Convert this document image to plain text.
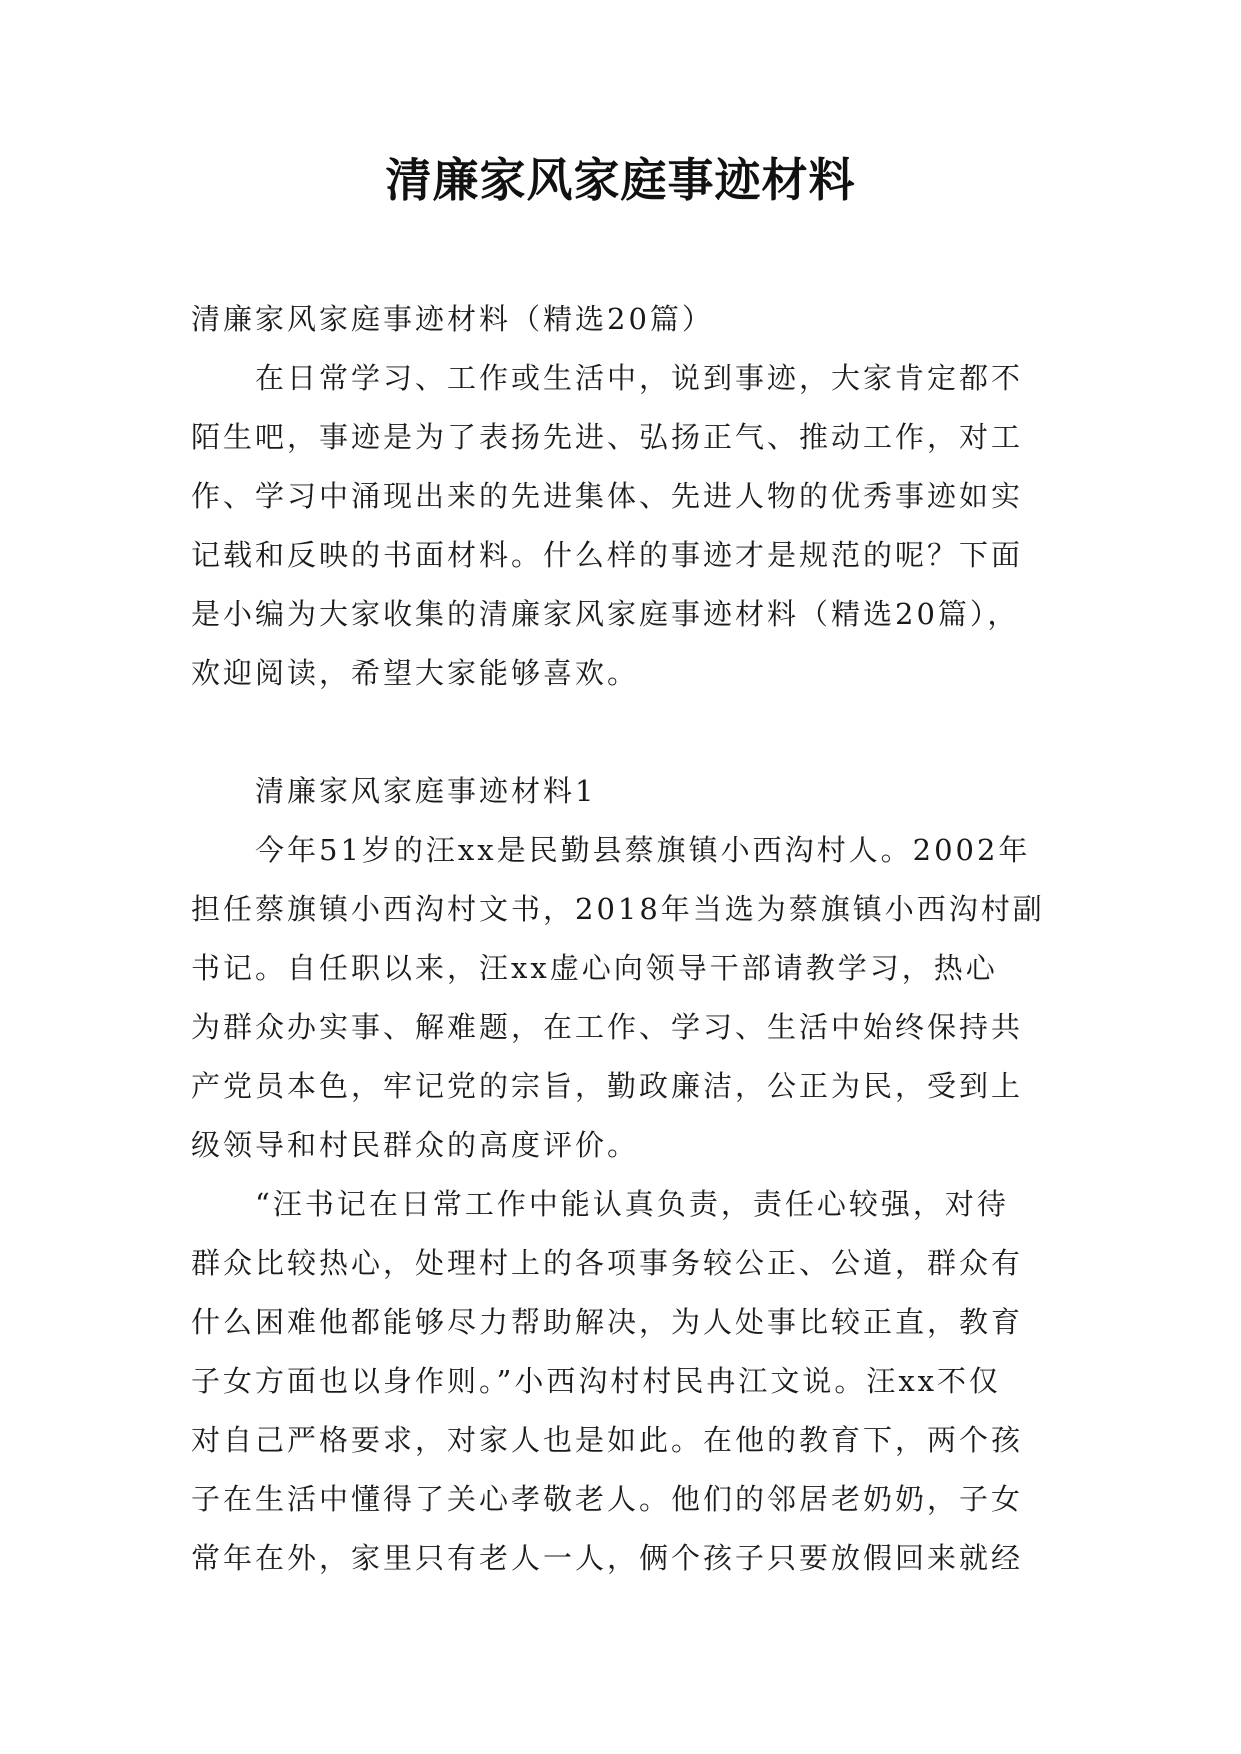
清廉家风家庭事迹材料
清廉家风家庭事迹材料（精选20篇）
在日常学习、工作或生活中，说到事迹，大家肯定都不
陌生吧，事迹是为了表扬先进、弘扬正气、推动工作，对工
作、学习中涌现出来的先进集体、先进人物的优秀事迹如实
记载和反映的书面材料。什么样的事迹才是规范的呢？下面
是小编为大家收集的清廉家风家庭事迹材料（精选20篇），
欢迎阅读，希望大家能够喜欢。
清廉家风家庭事迹材料1
今年51岁的汪xx是民勤县蔡旗镇小西沟村人。2002年
担任蔡旗镇小西沟村文书，2018年当选为蔡旗镇小西沟村副
书记。自任职以来，汪xx虚心向领导干部请教学习，热心
为群众办实事、解难题，在工作、学习、生活中始终保持共
产党员本色，牢记党的宗旨，勤政廉洁，公正为民，受到上
级领导和村民群众的高度评价。
“汪书记在日常工作中能认真负责，责任心较强，对待
群众比较热心，处理村上的各项事务较公正、公道，群众有
什么困难他都能够尽力帮助解决，为人处事比较正直，教育
子女方面也以身作则。”小西沟村村民冉江文说。汪xx不仅
对自己严格要求，对家人也是如此。在他的教育下，两个孩
子在生活中懂得了关心孝敬老人。他们的邻居老奶奶，子女
常年在外，家里只有老人一人，俩个孩子只要放假回来就经
